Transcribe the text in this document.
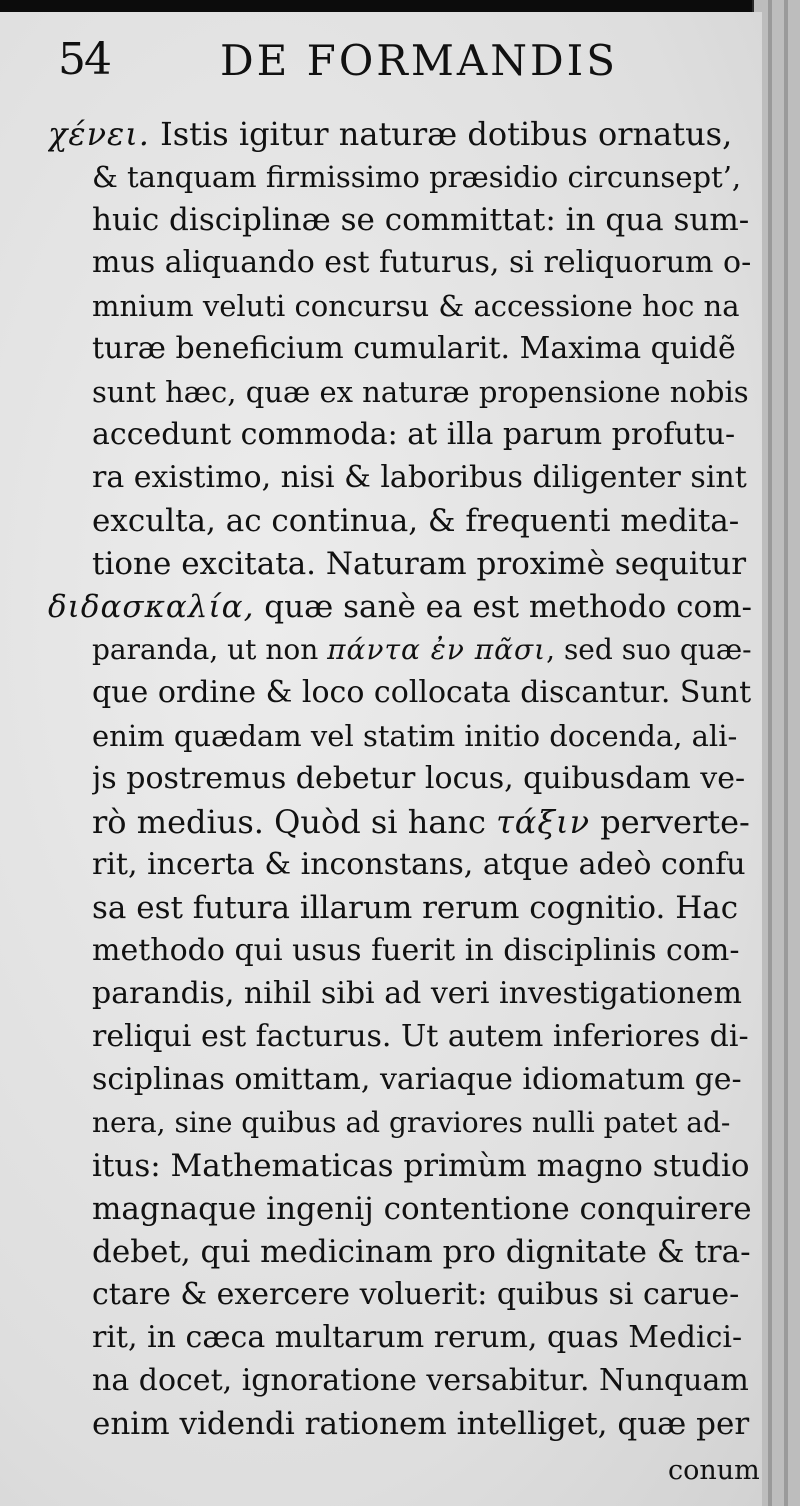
54	DE FORMANDIS
χένει. Istis igitur naturæ dotibus ornatus,
& tanquam firmissimo præsidio circunsept’,
huic disciplinæ se committat: in qua sum-
mus aliquando est futurus, si reliquorum o-
mnium veluti concursu & accessione hoc na
turæ beneficium cumularit. Maxima quidẽ
sunt hæc, quæ ex naturæ propensione nobis
accedunt commoda: at illa parum profutu-
ra existimo, nisi & laboribus diligenter sint
exculta, ac continua, & frequenti medita-
tione excitata. Naturam proximè sequitur
διδασκαλία, quæ sanè ea est methodo com-
paranda, ut non πάντα ἐν πᾶσι, sed suo quæ-
que ordine & loco collocata discantur. Sunt
enim quædam vel statim initio docenda, ali-
js postremus debetur locus, quibusdam ve-
rò medius. Quòd si hanc τάξιν perverte-
rit, incerta & inconstans, atque adeò confu
sa est futura illarum rerum cognitio. Hac
methodo qui usus fuerit in disciplinis com-
parandis, nihil sibi ad veri investigationem
reliqui est facturus. Ut autem inferiores di-
sciplinas omittam, variaque idiomatum ge-
nera, sine quibus ad graviores nulli patet ad-
itus: Mathematicas primùm magno studio
magnaque ingenij contentione conquirere
debet, qui medicinam pro dignitate & tra-
ctare & exercere voluerit: quibus si carue-
rit, in cæca multarum rerum, quas Medici-
na docet, ignoratione versabitur. Nunquam
enim videndi rationem intelliget, quæ per
conum
